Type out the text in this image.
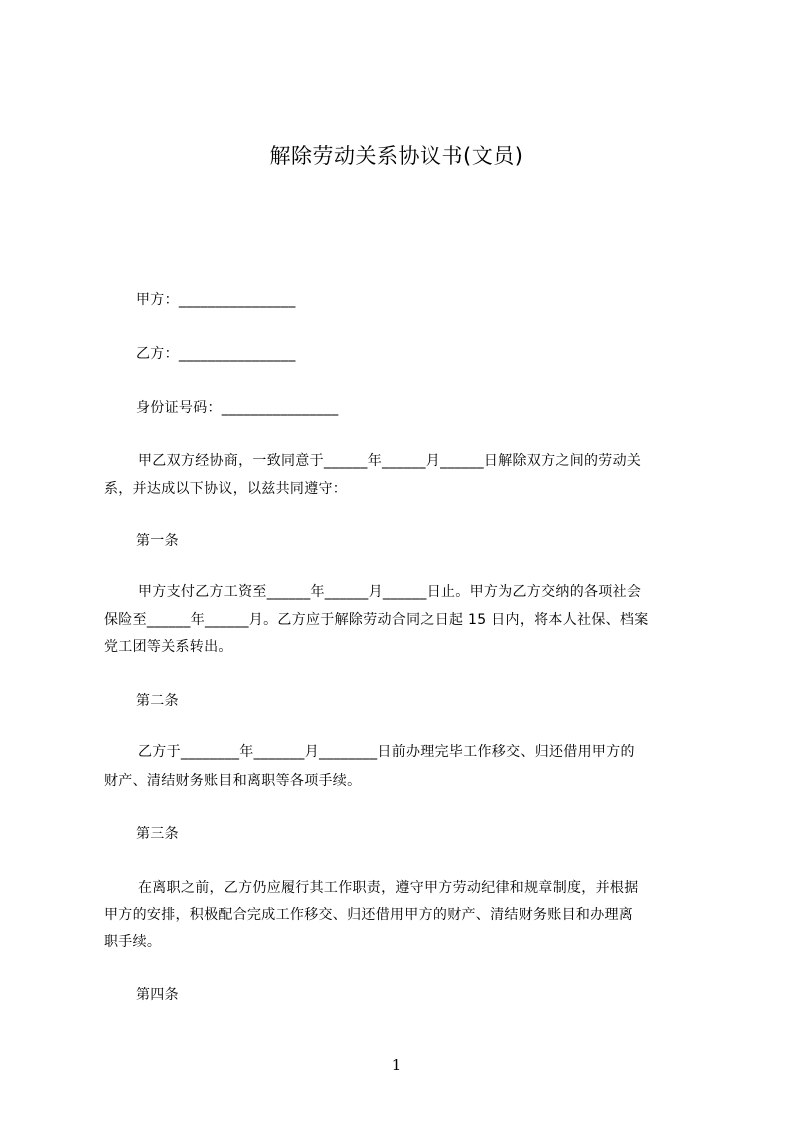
解除劳动关系协议书(文员)
甲方：________________
乙方：________________
身份证号码：________________
甲乙双方经协商，一致同意于______年______月______日解除双方之间的劳动关
系，并达成以下协议，以兹共同遵守：
第一条
甲方支付乙方工资至______年______月______日止。甲方为乙方交纳的各项社会
保险至______年______月。乙方应于解除劳动合同之日起 15 日内，将本人社保、档案
党工团等关系转出。
第二条
乙方于________年_______月________日前办理完毕工作移交、归还借用甲方的
财产、清结财务账目和离职等各项手续。
第三条
在离职之前，乙方仍应履行其工作职责，遵守甲方劳动纪律和规章制度，并根据
甲方的安排，积极配合完成工作移交、归还借用甲方的财产、清结财务账目和办理离
职手续。
第四条
1
